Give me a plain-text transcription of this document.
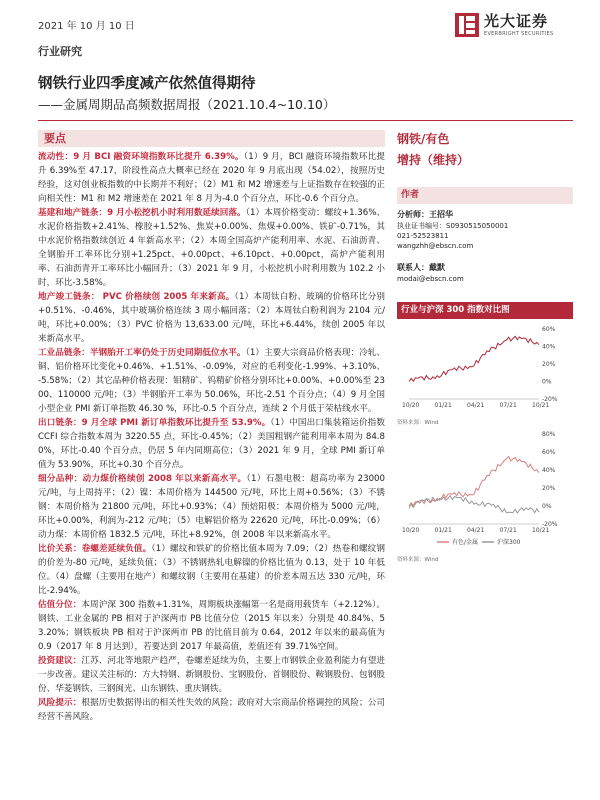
2021 年 10 月 10 日	光大证券
EVERBRIGHT SECURITIES
行业研究
钢铁行业四季度减产依然值得期待
——金属周期品高频数据周报（2021.10.4~10.10）
要点
流动性：9 月 BCI 融资环境指数环比提升 6.39%。（1）9 月，BCI 融资环境指数环比提升 6.39%至 47.17，阶段性高点大概率已经在 2020 年 9 月底出现（54.02），按照历史经验，这对创业板指数的中长期并不利好；（2）M1 和 M2 增速差与上证指数存在较强的正向相关性：M1 和 M2 增速差在 2021 年 8 月为-4.0 个百分点，环比-0.6 个百分点。
基建和地产链条：9 月小松挖机小时利用数延续回落。（1）本周价格变动：螺纹+1.36%、水泥价格指数+2.41%、橡胶+1.52%、焦炭+0.00%、焦煤+0.00%、铁矿-0.71%，其中水泥价格指数续创近 4 年新高水平；（2）本周全国高炉产能利用率、水泥、石油沥青、全钢胎开工率环比分别+1.25pct、+0.00pct、+6.10pct、+0.00pct，高炉产能利用率、石油沥青开工率环比小幅回升；（3）2021 年 9 月，小松挖机小时利用数为 102.2 小时，环比-3.58%。
地产竣工链条： PVC 价格续创 2005 年来新高。（1）本周钛白粉、玻璃的价格环比分别+0.51%、-0.46%，其中玻璃价格连续 3 周小幅回落；（2）本周钛白粉利润为 2104 元/吨，环比+0.00%；（3）PVC 价格为 13,633.00 元/吨，环比+6.44%，续创 2005 年以来新高水平。
工业品链条：半钢胎开工率仍处于历史同期低位水平。（1）主要大宗商品价格表现：冷轧、铜、铝价格环比变化+0.46%、+1.51%、-0.09%，对应的毛利变化-1.99%、+3.10%、-5.58%；（2）其它品种价格表现：钼精矿、钨精矿价格分别环比+0.00%、+0.00%至 2300、110000 元/吨；（3）半钢胎开工率为 50.06%，环比-2.51 个百分点；（4）9 月全国小型企业 PMI 新订单指数 46.30 %，环比-0.5 个百分点，连续 2 个月低于荣枯线水平。
出口链条：9 月全球 PMI 新订单指数环比提升至 53.9%。（1）中国出口集装箱运价指数 CCFI 综合指数本周为 3220.55 点，环比-0.45%；（2）美国粗钢产能利用率本周为 84.80%，环比-0.40 个百分点，仍居 5 年内同期高位；（3）2021 年 9 月，全球 PMI 新订单值为 53.90%，环比+0.30 个百分点。
细分品种：动力煤价格续创 2008 年以来新高水平。（1）石墨电极：超高功率为 23000 元/吨，与上周持平；（2）镍：本周价格为 144500 元/吨，环比上周+0.56%；（3）不锈钢：本周价格为 21800 元/吨，环比+0.93%；（4）预焙阳极：本周价格为 5000 元/吨，环比+0.00%，利润为-212 元/吨；（5）电解铝价格为 22620 元/吨，环比-0.09%；（6）动力煤：本周价格 1832.5 元/吨，环比+8.92%，创 2008 年以来新高水平。
比价关系：卷螺差延续负值。（1）螺纹和铁矿的价格比值本周为 7.09；（2）热卷和螺纹钢的价差为-80 元/吨，延续负值；（3）不锈钢热轧电解镍的价格比值为 0.13，处于 10 年低位。（4）盘螺（主要用在地产）和螺纹钢（主要用在基建）的价差本周五达 330 元/吨，环比-2.94%。
估值分位：本周沪深 300 指数+1.31%，周期板块涨幅第一名是商用载货车（+2.12%）。钢铁、工业金属的 PB 相对于沪深两市 PB 比值分位（2015 年以来）分别是 40.84%、53.20%；钢铁板块 PB 相对于沪深两市 PB 的比值目前为 0.64，2012 年以来的最高值为 0.9（2017 年 8 月达到），若要达到 2017 年最高值，差值还有 39.71%空间。
投资建议：江苏、河北等地限产趋严，卷螺差延续为负，主要上市钢铁企业盈利能力有望进一步改善。建议关注标的：方大特钢、新钢股份、宝钢股份、首钢股份、鞍钢股份、包钢股份、华菱钢铁、三钢闽光、山东钢铁、重庆钢铁。
风险提示：根据历史数据得出的相关性失效的风险；政府对大宗商品价格调控的风险；公司经营不善风险。
钢铁/有色
增持（维持）
作者
分析师：王招华
执业证书编号：S0930515050001
021-52523811
wangzhh@ebscn.com
联系人：戴默
modai@ebscn.com
行业与沪深 300 指数对比图
60%
40%
20%
0%
-20%
10/20	01/21	04/21	07/21	10/21
资料来源：Wind
80%
60%
40%
20%
0%
-20%
10/20	01/21	04/21	07/21	10/21
有色/金属	沪深300
资料来源：Wind
